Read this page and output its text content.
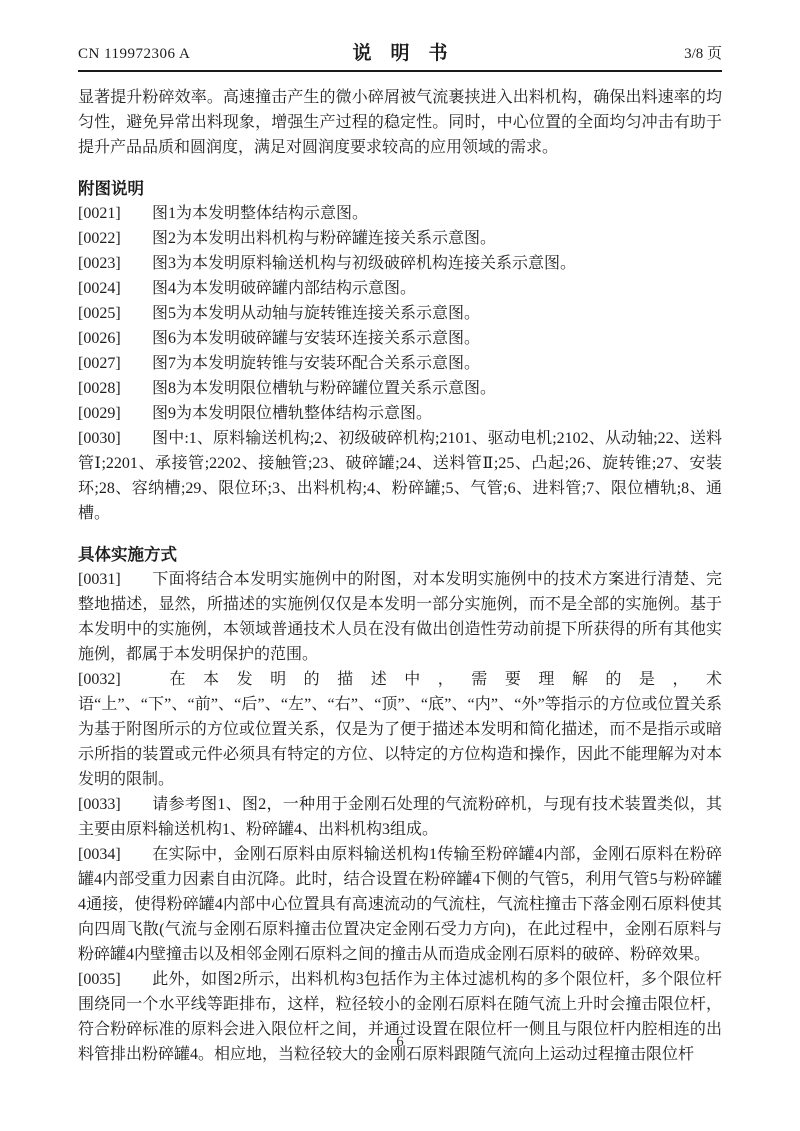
CN 119972306 A	说　明　书	3/8 页

显著提升粉碎效率。高速撞击产生的微小碎屑被气流裹挟进入出料机构，确保出料速率的均匀性，避免异常出料现象，增强生产过程的稳定性。同时，中心位置的全面均匀冲击有助于提升产品品质和圆润度，满足对圆润度要求较高的应用领域的需求。

附图说明

[0021] 图1为本发明整体结构示意图。

[0022] 图2为本发明出料机构与粉碎罐连接关系示意图。

[0023] 图3为本发明原料输送机构与初级破碎机构连接关系示意图。

[0024] 图4为本发明破碎罐内部结构示意图。

[0025] 图5为本发明从动轴与旋转锥连接关系示意图。

[0026] 图6为本发明破碎罐与安装环连接关系示意图。

[0027] 图7为本发明旋转锥与安装环配合关系示意图。

[0028] 图8为本发明限位槽轨与粉碎罐位置关系示意图。

[0029] 图9为本发明限位槽轨整体结构示意图。

[0030] 图中:1、原料输送机构;2、初级破碎机构;2101、驱动电机;2102、从动轴;22、送料管Ⅰ;2201、承接管;2202、接触管;23、破碎罐;24、送料管Ⅱ;25、凸起;26、旋转锥;27、安装环;28、容纳槽;29、限位环;3、出料机构;4、粉碎罐;5、气管;6、进料管;7、限位槽轨;8、通槽。

具体实施方式

[0031] 下面将结合本发明实施例中的附图，对本发明实施例中的技术方案进行清楚、完整地描述，显然，所描述的实施例仅仅是本发明一部分实施例，而不是全部的实施例。基于本发明中的实施例，本领域普通技术人员在没有做出创造性劳动前提下所获得的所有其他实施例，都属于本发明保护的范围。

[0032] 在本发明的描述中，需要理解的是，术语“上”、“下”、“前”、“后”、“左”、“右”、“顶”、“底”、“内”、“外”等指示的方位或位置关系为基于附图所示的方位或位置关系，仅是为了便于描述本发明和简化描述，而不是指示或暗示所指的装置或元件必须具有特定的方位、以特定的方位构造和操作，因此不能理解为对本发明的限制。

[0033] 请参考图1、图2，一种用于金刚石处理的气流粉碎机，与现有技术装置类似，其主要由原料输送机构1、粉碎罐4、出料机构3组成。

[0034] 在实际中，金刚石原料由原料输送机构1传输至粉碎罐4内部，金刚石原料在粉碎罐4内部受重力因素自由沉降。此时，结合设置在粉碎罐4下侧的气管5，利用气管5与粉碎罐4通接，使得粉碎罐4内部中心位置具有高速流动的气流柱，气流柱撞击下落金刚石原料使其向四周飞散(气流与金刚石原料撞击位置决定金刚石受力方向)，在此过程中，金刚石原料与粉碎罐4内壁撞击以及相邻金刚石原料之间的撞击从而造成金刚石原料的破碎、粉碎效果。

[0035] 此外，如图2所示，出料机构3包括作为主体过滤机构的多个限位杆，多个限位杆围绕同一个水平线等距排布，这样，粒径较小的金刚石原料在随气流上升时会撞击限位杆，符合粉碎标准的原料会进入限位杆之间，并通过设置在限位杆一侧且与限位杆内腔相连的出料管排出粉碎罐4。相应地，当粒径较大的金刚石原料跟随气流向上运动过程撞击限位杆

6
